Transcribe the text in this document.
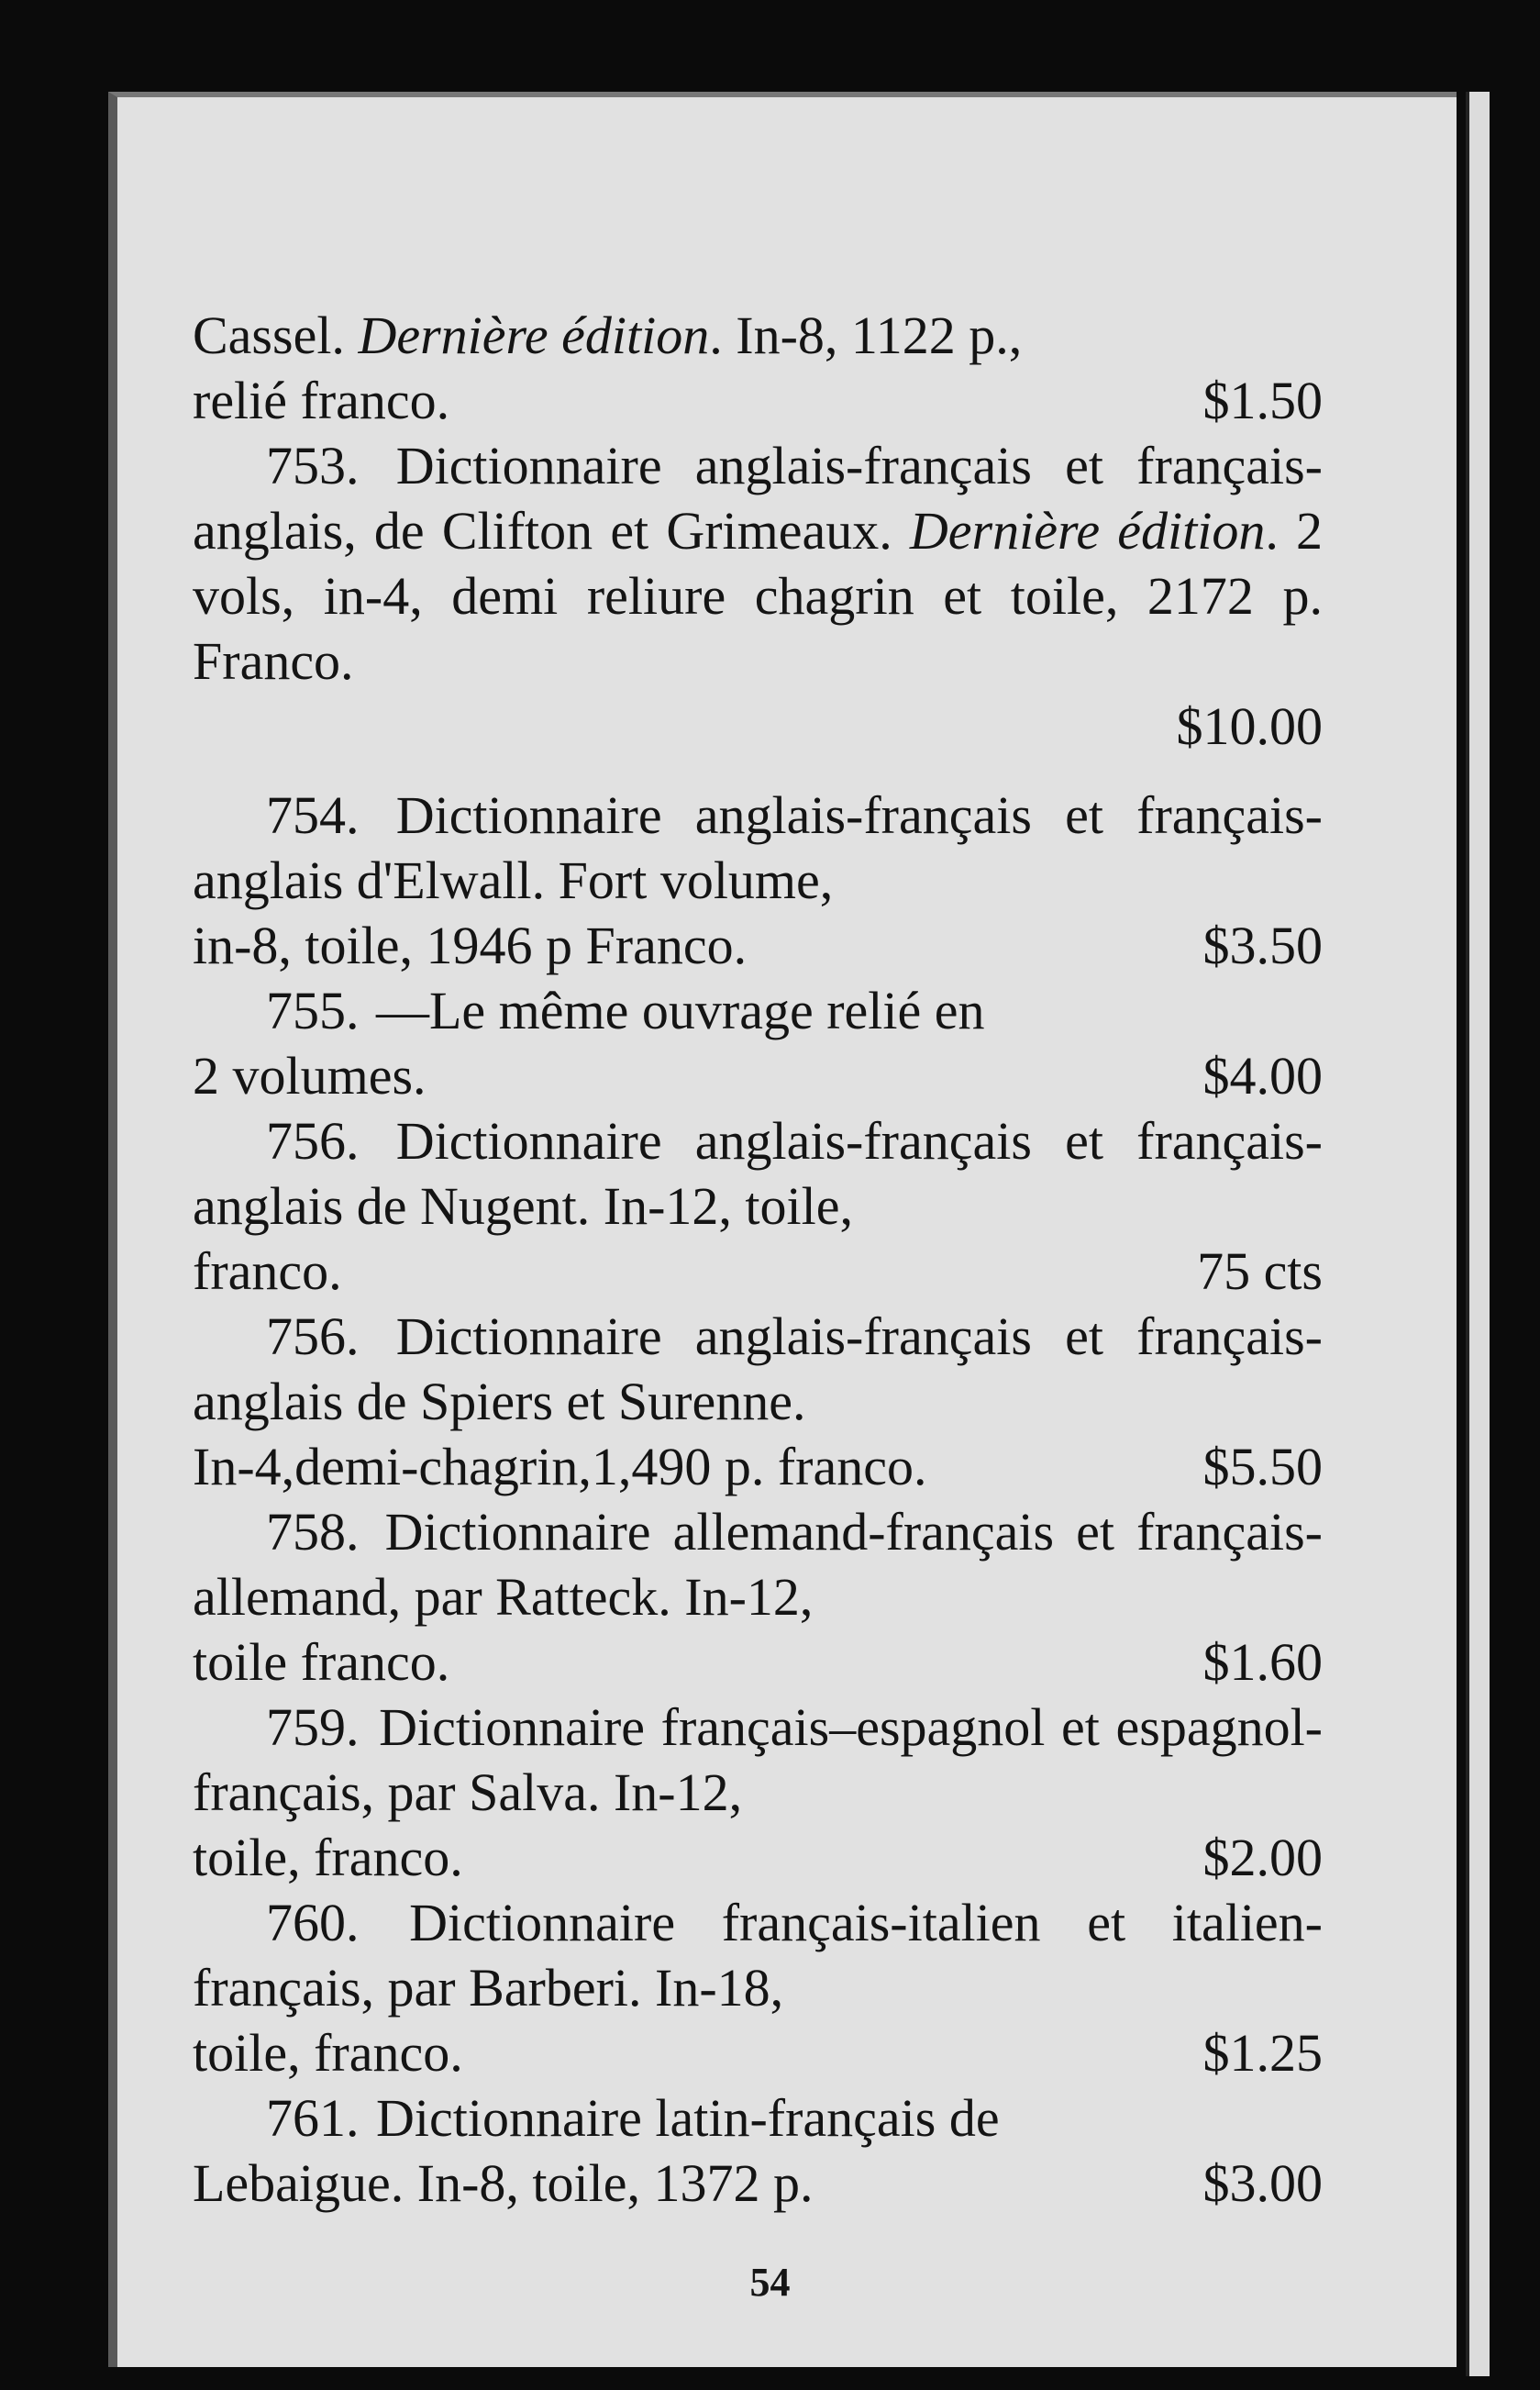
Cassel. Dernière édition. In-8, 1122 p.,

relié franco.	$1.50

753. Dictionnaire anglais-français et français-anglais, de Clifton et Grimeaux. Dernière édition. 2 vols, in-4, demi reliure chagrin et toile, 2172 p. Franco.

$10.00

754. Dictionnaire anglais-français et français-anglais d'Elwall. Fort volume,

in-8, toile, 1946 p Franco.	$3.50

755. —Le même ouvrage relié en

2 volumes.	$4.00

756. Dictionnaire anglais-français et français-anglais de Nugent. In-12, toile,

franco.	75 cts

756. Dictionnaire anglais-français et français-anglais de Spiers et Surenne.

In-4,demi-chagrin,1,490 p. franco.	$5.50

758. Dictionnaire allemand-français et français-allemand, par Ratteck. In-12,

toile franco.	$1.60

759. Dictionnaire français–espagnol et espagnol-français, par Salva. In-12,

toile, franco.	$2.00

760. Dictionnaire français-italien et italien-français, par Barberi. In-18,

toile, franco.	$1.25

761. Dictionnaire latin-français de

Lebaigue. In-8, toile, 1372 p.	$3.00

54
